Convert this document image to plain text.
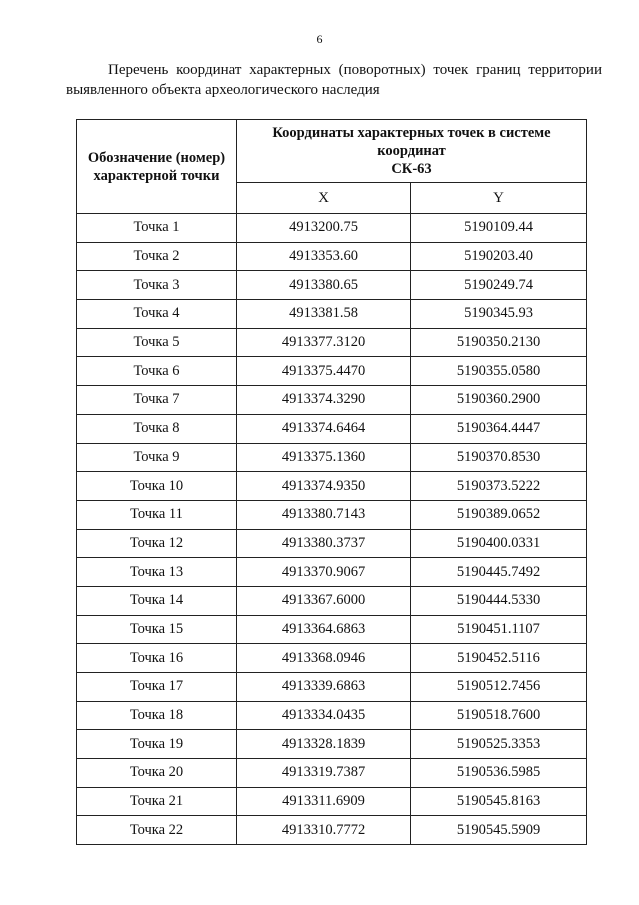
6
Перечень координат характерных (поворотных) точек границ территории
выявленного объекта археологического наследия
Обозначение (номер) характерной точки	Координаты характерных точек в системе координат
СК-63	
	X	Y
Точка 1	4913200.75	5190109.44
Точка 2	4913353.60	5190203.40
Точка 3	4913380.65	5190249.74
Точка 4	4913381.58	5190345.93
Точка 5	4913377.3120	5190350.2130
Точка 6	4913375.4470	5190355.0580
Точка 7	4913374.3290	5190360.2900
Точка 8	4913374.6464	5190364.4447
Точка 9	4913375.1360	5190370.8530
Точка 10	4913374.9350	5190373.5222
Точка 11	4913380.7143	5190389.0652
Точка 12	4913380.3737	5190400.0331
Точка 13	4913370.9067	5190445.7492
Точка 14	4913367.6000	5190444.5330
Точка 15	4913364.6863	5190451.1107
Точка 16	4913368.0946	5190452.5116
Точка 17	4913339.6863	5190512.7456
Точка 18	4913334.0435	5190518.7600
Точка 19	4913328.1839	5190525.3353
Точка 20	4913319.7387	5190536.5985
Точка 21	4913311.6909	5190545.8163
Точка 22	4913310.7772	5190545.5909
